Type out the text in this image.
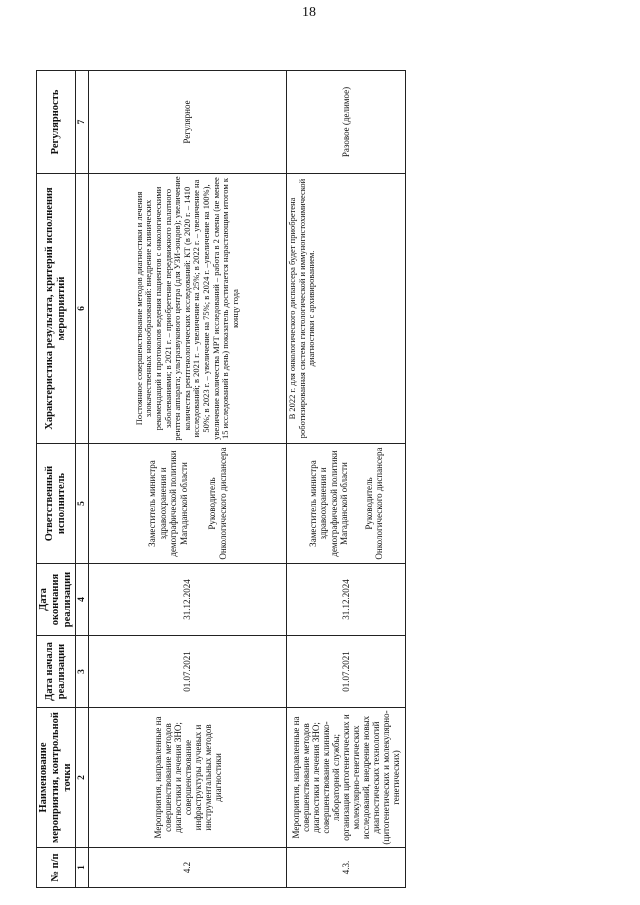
18
№ п/п	Наименование мероприятия, контрольной точки	Дата начала реализации	Дата окончания реализации	Ответственный исполнитель	Характеристика результата, критерий исполнения мероприятий	Регулярность
1	2	3	4	5	6	7
4.2	Мероприятия, направленные на совершенствование методов диагностики и лечения ЗНО; совершенствование инфраструктуры лучевых и инструментальных методов диагностики	01.07.2021	31.12.2024	Заместитель министра здравоохранения и демографической политики Магаданской области Руководитель Онкологического диспансера	Постоянное совершенствование методов диагностики и лечения злокачественных новообразований: внедрение клинических рекомендаций и протоколов ведения пациентов с онкологическими заболеваниями; в 2021 г. – приобретение передвижного палатного рентген аппарата; ультразвукового центра (для УЗИ-зондов); увеличение количества рентгенологических исследований: КТ (в 2020 г. – 1410 исследований; в 2021 г. – увеличение на 25%; в 2022 г. – увеличение на 50%; в 2023 г. – увеличение на 75%; в 2024 г. –увеличение на 100%), увеличение количества МРТ исследований – работа в 2 смены (не менее 15 исследований в день) показатель достигается нарастающим итогом к концу года	Регулярное
4.3.	Мероприятия, направленные на совершенствование методов диагностики и лечения ЗНО; совершенствование клинико-лабораторной службы; организация цитогенетических и молекулярно-генетических исследований, внедрение новых диагностических технологий (цитогенетических и молекулярно-генетических)	01.07.2021	31.12.2024	Заместитель министра здравоохранения и демографической политики Магаданской области Руководитель Онкологического диспансера	В 2022 г. для онкологического диспансера будет приобретена роботизированная система гистологической и иммуногистохимической диагностики с архивированием.	Разовое (делимое)
